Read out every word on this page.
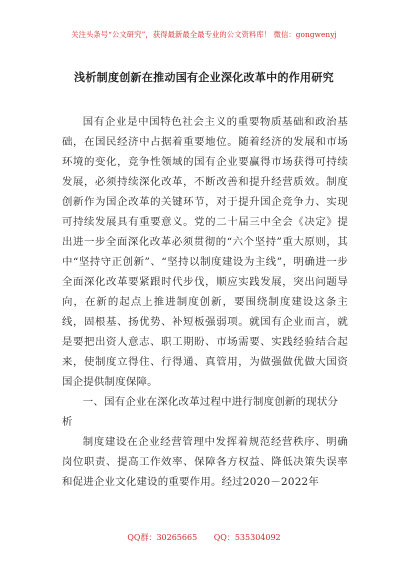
关注头条号“公文研究”，获得最新最全最专业的公文资料库！ 微信：gongwenyj
浅析制度创新在推动国有企业深化改革中的作用研究

国有企业是中国特色社会主义的重要物质基础和政治基础，在国民经济中占据着重要地位。随着经济的发展和市场环境的变化，竞争性领域的国有企业要赢得市场获得可持续发展，必须持续深化改革，不断改善和提升经营质效。制度创新作为国企改革的关键环节，对于提升国企竞争力、实现可持续发展具有重要意义。党的二十届三中全会《决定》提出进一步全面深化改革必须贯彻的“六个坚持”重大原则，其中“坚持守正创新”、“坚持以制度建设为主线”，明确进一步全面深化改革要紧跟时代步伐，顺应实践发展，突出问题导向，在新的起点上推进制度创新，要围绕制度建设这条主线，固根基、扬优势、补短板强弱项。就国有企业而言，就是要把出资人意志、职工期盼、市场需要、实践经验结合起来，使制度立得住、行得通、真管用，为做强做优做大国资国企提供制度保障。

一、国有企业在深化改革过程中进行制度创新的现状分析

制度建设在企业经营管理中发挥着规范经营秩序、明确岗位职责、提高工作效率、保障各方权益、降低决策失误率和促进企业文化建设的重要作用。经过2020－2022年

QQ群：30265665 QQ：535304092
